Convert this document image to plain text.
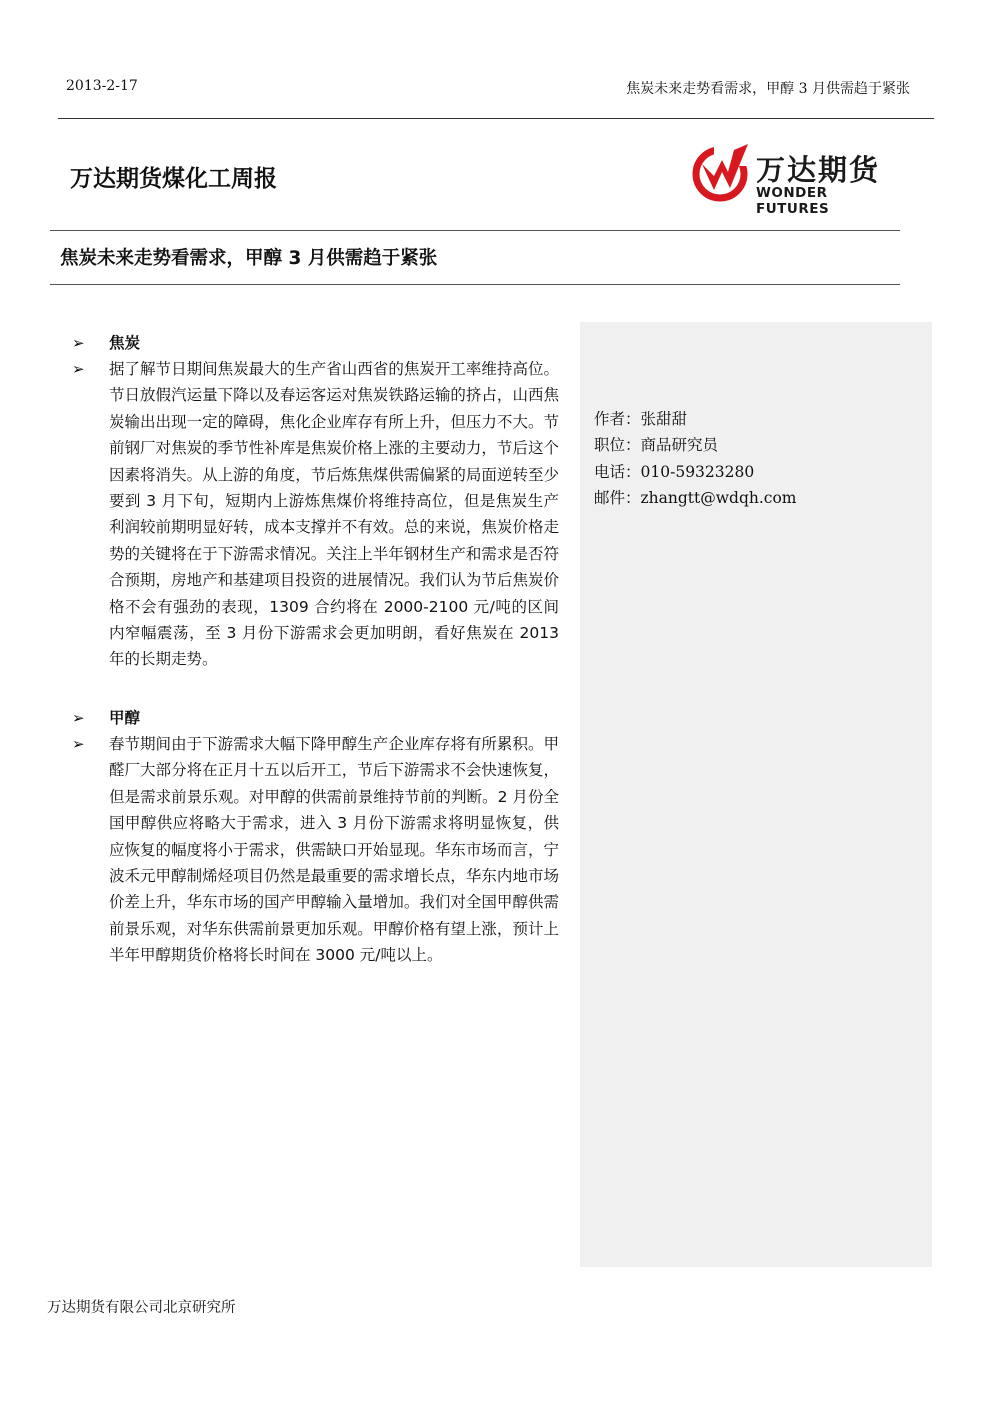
2013-2-17	焦炭未来走势看需求，甲醇 3 月供需趋于紧张
万达期货煤化工周报	万达期货
WONDER FUTURES
焦炭未来走势看需求，甲醇 3 月供需趋于紧张
➢ 焦炭
➢ 据了解节日期间焦炭最大的生产省山西省的焦炭开工率维持高位。节日放假汽运量下降以及春运客运对焦炭铁路运输的挤占，山西焦炭输出出现一定的障碍，焦化企业库存有所上升，但压力不大。节前钢厂对焦炭的季节性补库是焦炭价格上涨的主要动力，节后这个因素将消失。从上游的角度，节后炼焦煤供需偏紧的局面逆转至少要到 3 月下旬，短期内上游炼焦煤价将维持高位，但是焦炭生产利润较前期明显好转，成本支撑并不有效。总的来说，焦炭价格走势的关键将在于下游需求情况。关注上半年钢材生产和需求是否符合预期，房地产和基建项目投资的进展情况。我们认为节后焦炭价格不会有强劲的表现，1309 合约将在 2000-2100 元/吨的区间内窄幅震荡，至 3 月份下游需求会更加明朗，看好焦炭在 2013 年的长期走势。
➢ 甲醇
➢ 春节期间由于下游需求大幅下降甲醇生产企业库存将有所累积。甲醛厂大部分将在正月十五以后开工，节后下游需求不会快速恢复，但是需求前景乐观。对甲醇的供需前景维持节前的判断。2 月份全国甲醇供应将略大于需求，进入 3 月份下游需求将明显恢复，供应恢复的幅度将小于需求，供需缺口开始显现。华东市场而言，宁波禾元甲醇制烯烃项目仍然是最重要的需求增长点，华东内地市场价差上升，华东市场的国产甲醇输入量增加。我们对全国甲醇供需前景乐观，对华东供需前景更加乐观。甲醇价格有望上涨，预计上半年甲醇期货价格将长时间在 3000 元/吨以上。
作者：张甜甜
职位：商品研究员
电话：010-59323280
邮件：zhangtt@wdqh.com
万达期货有限公司北京研究所
